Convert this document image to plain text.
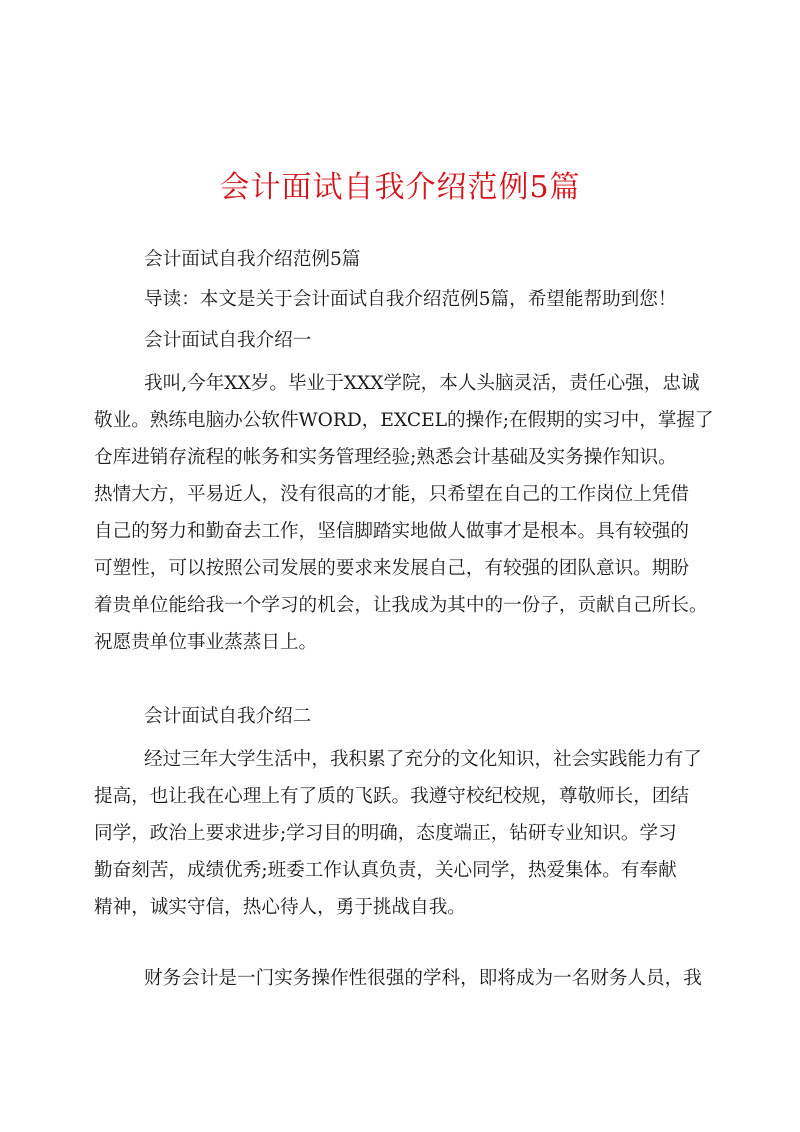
会计面试自我介绍范例5篇

会计面试自我介绍范例5篇

导读：本文是关于会计面试自我介绍范例5篇，希望能帮助到您！

会计面试自我介绍一

我叫,今年XX岁。毕业于XXX学院，本人头脑灵活，责任心强，忠诚
敬业。熟练电脑办公软件WORD，EXCEL的操作;在假期的实习中，掌握了
仓库进销存流程的帐务和实务管理经验;熟悉会计基础及实务操作知识。
热情大方，平易近人，没有很高的才能，只希望在自己的工作岗位上凭借
自己的努力和勤奋去工作，坚信脚踏实地做人做事才是根本。具有较强的
可塑性，可以按照公司发展的要求来发展自己，有较强的团队意识。期盼
着贵单位能给我一个学习的机会，让我成为其中的一份子，贡献自己所长。
祝愿贵单位事业蒸蒸日上。

会计面试自我介绍二

经过三年大学生活中，我积累了充分的文化知识，社会实践能力有了
提高，也让我在心理上有了质的飞跃。我遵守校纪校规，尊敬师长，团结
同学，政治上要求进步;学习目的明确，态度端正，钻研专业知识。学习
勤奋刻苦，成绩优秀;班委工作认真负责，关心同学，热爱集体。有奉献
精神，诚实守信，热心待人，勇于挑战自我。

财务会计是一门实务操作性很强的学科，即将成为一名财务人员，我
